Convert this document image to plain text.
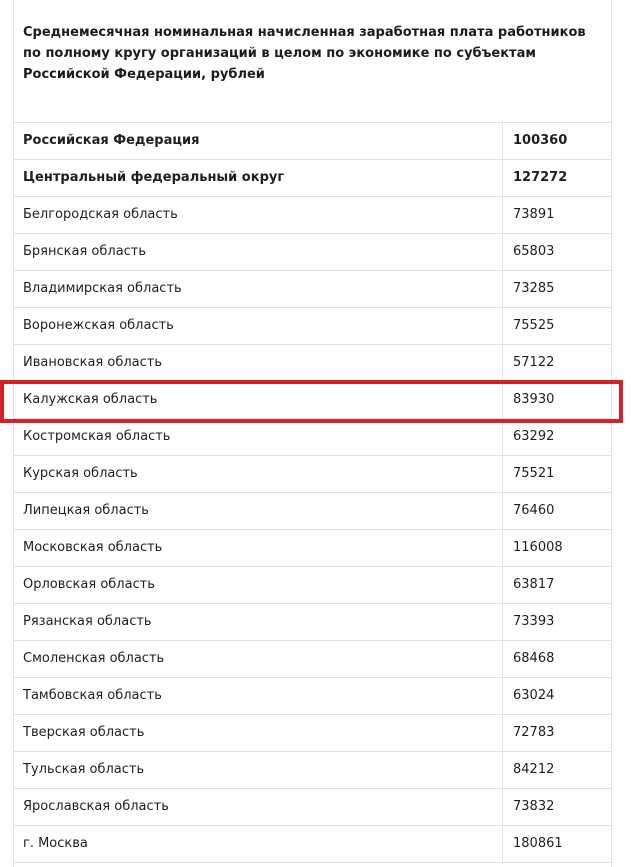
Среднемесячная номинальная начисленная заработная плата работников по полному кругу организаций в целом по экономике по субъектам Российской Федерации, рублей
Российская Федерация	100360
Центральный федеральный округ	127272
Белгородская область	73891
Брянская область	65803
Владимирская область	73285
Воронежская область	75525
Ивановская область	57122
Калужская область	83930
Костромская область	63292
Курская область	75521
Липецкая область	76460
Московская область	116008
Орловская область	63817
Рязанская область	73393
Смоленская область	68468
Тамбовская область	63024
Тверская область	72783
Тульская область	84212
Ярославская область	73832
г. Москва	180861
